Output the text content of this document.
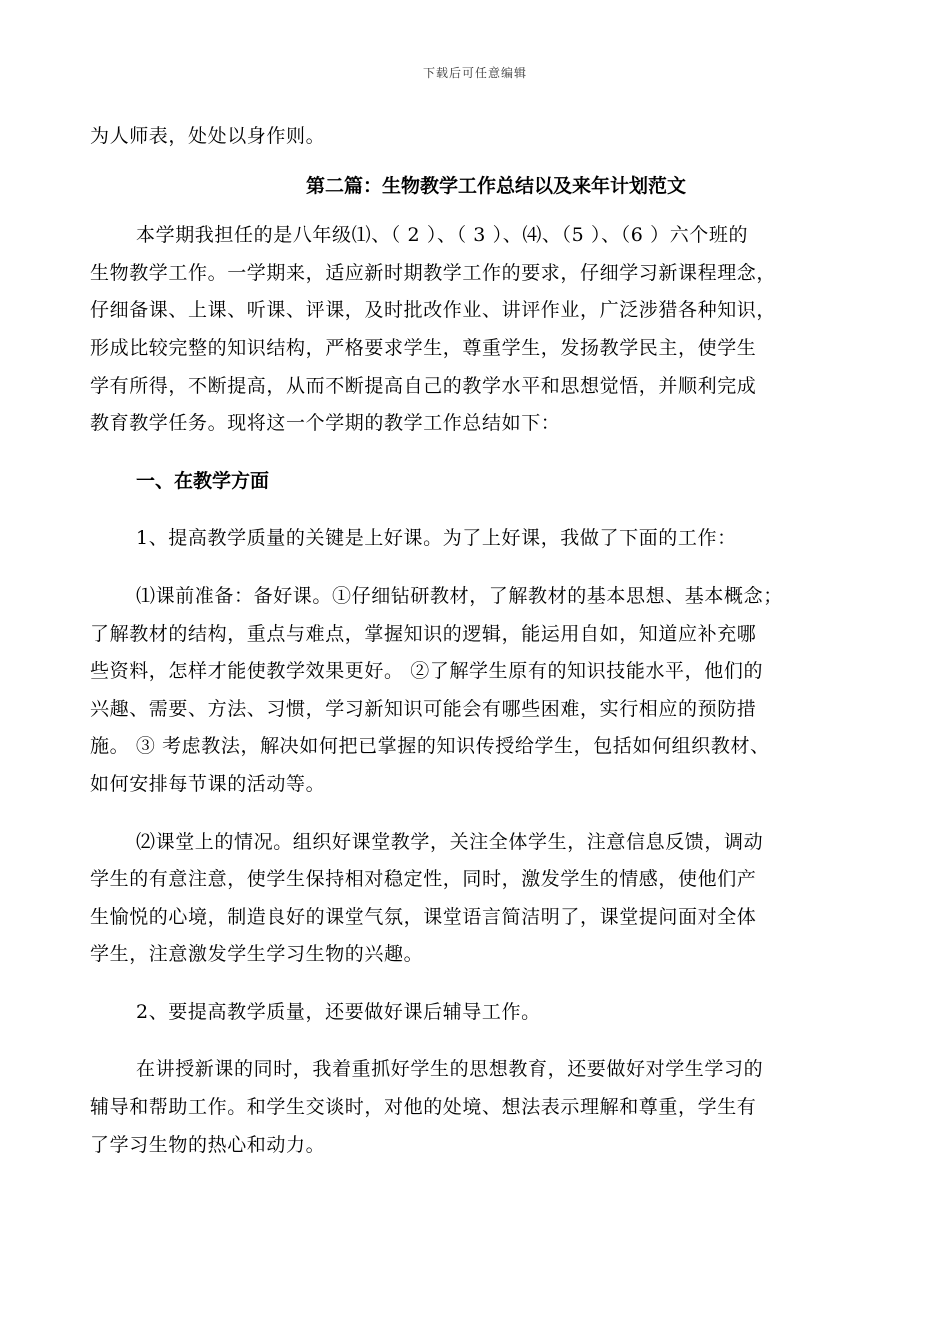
下载后可任意编辑
为人师表，处处以身作则。
第二篇：生物教学工作总结以及来年计划范文
本学期我担任的是八年级⑴、（ 2 ）、（ 3 ）、⑷、（5 ）、（6 ）六个班的
生物教学工作。一学期来，适应新时期教学工作的要求，仔细学习新课程理念，
仔细备课、上课、听课、评课，及时批改作业、讲评作业，广泛涉猎各种知识，
形成比较完整的知识结构，严格要求学生，尊重学生，发扬教学民主，使学生
学有所得，不断提高，从而不断提高自己的教学水平和思想觉悟，并顺利完成
教育教学任务。现将这一个学期的教学工作总结如下：
一、在教学方面
1、提高教学质量的关键是上好课。为了上好课，我做了下面的工作：
⑴课前准备：备好课。①仔细钻研教材，了解教材的基本思想、基本概念；
了解教材的结构，重点与难点，掌握知识的逻辑，能运用自如，知道应补充哪
些资料，怎样才能使教学效果更好。 ②了解学生原有的知识技能水平，他们的
兴趣、需要、方法、习惯，学习新知识可能会有哪些困难，实行相应的预防措
施。 ③ 考虑教法，解决如何把已掌握的知识传授给学生，包括如何组织教材、
如何安排每节课的活动等。
⑵课堂上的情况。组织好课堂教学，关注全体学生，注意信息反馈，调动
学生的有意注意，使学生保持相对稳定性，同时，激发学生的情感，使他们产
生愉悦的心境，制造良好的课堂气氛，课堂语言简洁明了，课堂提问面对全体
学生，注意激发学生学习生物的兴趣。
2、要提高教学质量，还要做好课后辅导工作。
在讲授新课的同时，我着重抓好学生的思想教育，还要做好对学生学习的
辅导和帮助工作。和学生交谈时，对他的处境、想法表示理解和尊重，学生有
了学习生物的热心和动力。
